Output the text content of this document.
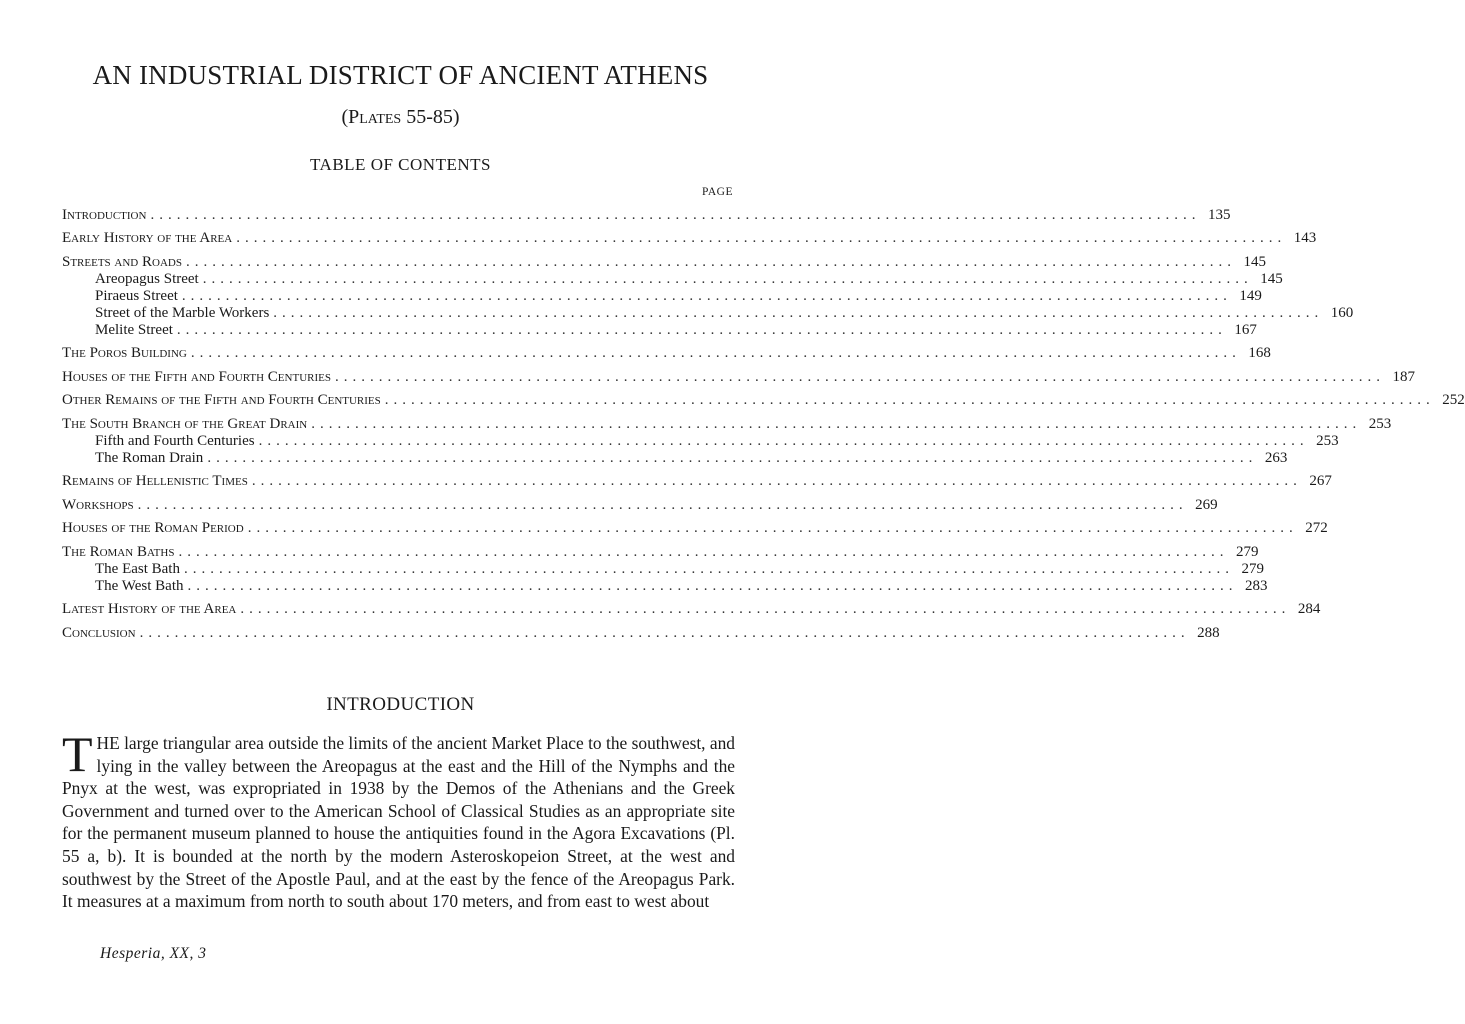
AN INDUSTRIAL DISTRICT OF ANCIENT ATHENS
(Plates 55-85)
TABLE OF CONTENTS
PAGE
Introduction ........................................................................................................................ 135
Early History of the Area ........................................................................................................................ 143
Streets and Roads ........................................................................................................................ 145
Areopagus Street ........................................................................................................................ 145
Piraeus Street ........................................................................................................................ 149
Street of the Marble Workers ........................................................................................................................ 160
Melite Street ........................................................................................................................ 167
The Poros Building ........................................................................................................................ 168
Houses of the Fifth and Fourth Centuries ........................................................................................................................ 187
Other Remains of the Fifth and Fourth Centuries ........................................................................................................................ 252
The South Branch of the Great Drain ........................................................................................................................ 253
Fifth and Fourth Centuries ........................................................................................................................ 253
The Roman Drain ........................................................................................................................ 263
Remains of Hellenistic Times ........................................................................................................................ 267
Workshops ........................................................................................................................ 269
Houses of the Roman Period ........................................................................................................................ 272
The Roman Baths ........................................................................................................................ 279
The East Bath ........................................................................................................................ 279
The West Bath ........................................................................................................................ 283
Latest History of the Area ........................................................................................................................ 284
Conclusion ........................................................................................................................ 288
INTRODUCTION

THE large triangular area outside the limits of the ancient Market Place to the southwest, and lying in the valley between the Areopagus at the east and the Hill of the Nymphs and the Pnyx at the west, was expropriated in 1938 by the Demos of the Athenians and the Greek Government and turned over to the American School of Classical Studies as an appropriate site for the permanent museum planned to house the antiquities found in the Agora Excavations (Pl. 55 a, b). It is bounded at the north by the modern Asteroskopeion Street, at the west and southwest by the Street of the Apostle Paul, and at the east by the fence of the Areopagus Park. It measures at a maximum from north to south about 170 meters, and from east to west about

Hesperia, XX, 3
